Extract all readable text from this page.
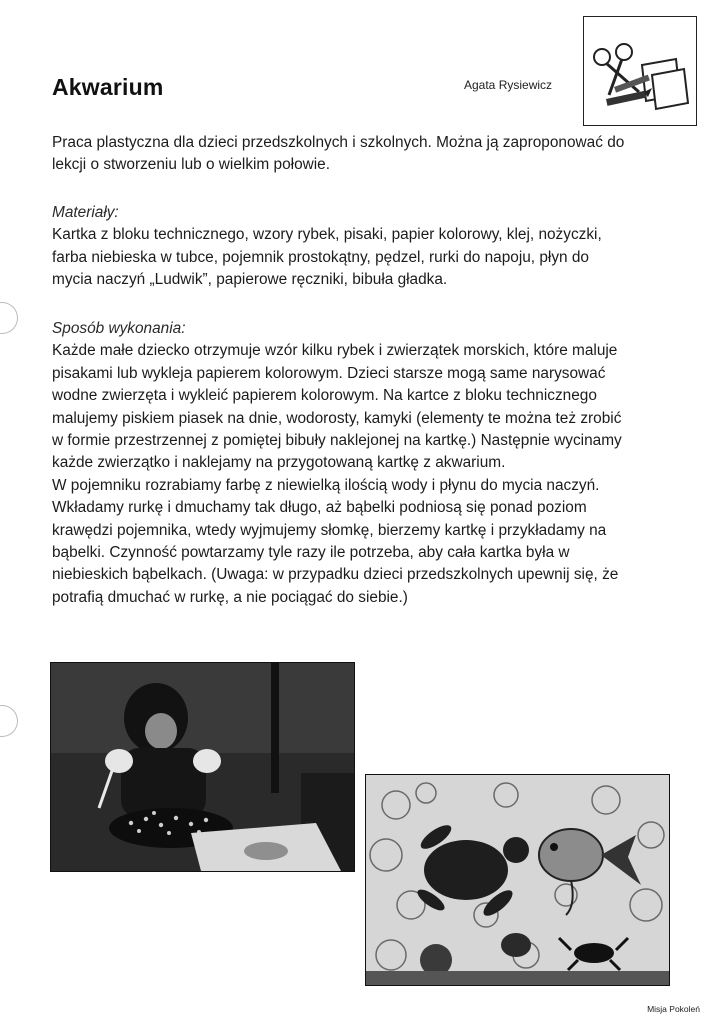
Akwarium	Agata Rysiewicz
Praca plastyczna dla dzieci przedszkolnych i szkolnych. Można ją zaproponować do
lekcji o stworzeniu lub o wielkim połowie.
Materiały:
Kartka z bloku technicznego, wzory rybek, pisaki, papier kolorowy, klej, nożyczki,
farba niebieska w tubce, pojemnik prostokątny, pędzel, rurki do napoju, płyn do
mycia naczyń „Ludwik”, papierowe ręczniki, bibuła gładka.
Sposób wykonania:
Każde małe dziecko otrzymuje wzór kilku rybek i zwierzątek morskich, które maluje
pisakami lub wykleja papierem kolorowym. Dzieci starsze mogą same narysować
wodne zwierzęta i wykleić papierem kolorowym. Na kartce z bloku technicznego
malujemy piskiem piasek na dnie, wodorosty, kamyki (elementy te można też zrobić
w formie przestrzennej z pomiętej bibuły naklejonej na kartkę.) Następnie wycinamy
każde zwierzątko i naklejamy na przygotowaną kartkę z akwarium.
W pojemniku rozrabiamy farbę z niewielką ilością wody i płynu do mycia naczyń.
Wkładamy rurkę i dmuchamy tak długo, aż bąbelki podniosą się ponad poziom
krawędzi pojemnika, wtedy wyjmujemy słomkę, bierzemy kartkę i przykładamy na
bąbelki. Czynność powtarzamy tyle razy ile potrzeba, aby cała kartka była w
niebieskich bąbelkach. (Uwaga: w przypadku dzieci przedszkolnych upewnij się, że
potrafią dmuchać w rurkę, a nie pociągać do siebie.)
Misja Pokoleń
